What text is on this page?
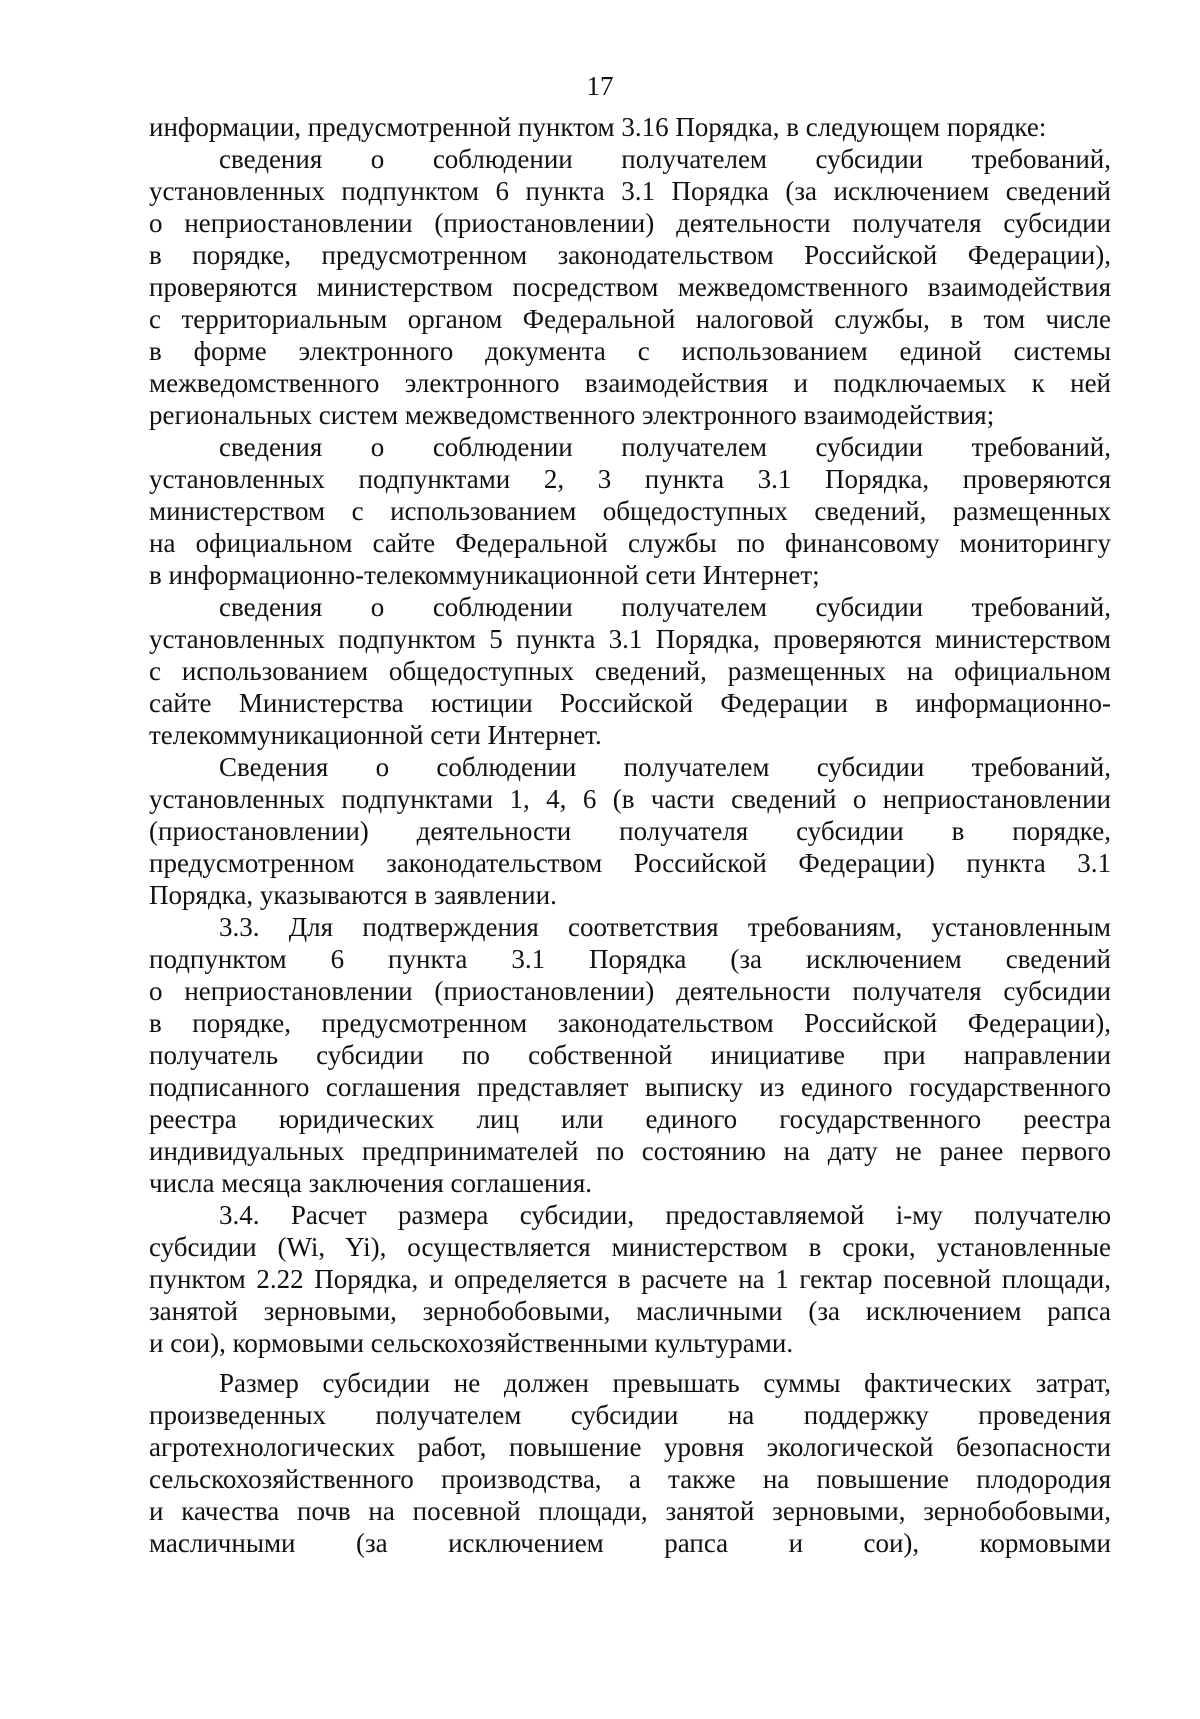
17
информации, предусмотренной пунктом 3.16 Порядка, в следующем порядке:
сведения о соблюдении получателем субсидии требований,
установленных подпунктом 6 пункта 3.1 Порядка (за исключением сведений
о неприостановлении (приостановлении) деятельности получателя субсидии
в порядке, предусмотренном законодательством Российской Федерации),
проверяются министерством посредством межведомственного взаимодействия
с территориальным органом Федеральной налоговой службы, в том числе
в форме электронного документа с использованием единой системы
межведомственного электронного взаимодействия и подключаемых к ней
региональных систем межведомственного электронного взаимодействия;
сведения о соблюдении получателем субсидии требований,
установленных подпунктами 2, 3 пункта 3.1 Порядка, проверяются
министерством с использованием общедоступных сведений, размещенных
на официальном сайте Федеральной службы по финансовому мониторингу
в информационно-телекоммуникационной сети Интернет;
сведения о соблюдении получателем субсидии требований,
установленных подпунктом 5 пункта 3.1 Порядка, проверяются министерством
с использованием общедоступных сведений, размещенных на официальном
сайте Министерства юстиции Российской Федерации в информационно-
телекоммуникационной сети Интернет.
Сведения о соблюдении получателем субсидии требований,
установленных подпунктами 1, 4, 6 (в части сведений о неприостановлении
(приостановлении) деятельности получателя субсидии в порядке,
предусмотренном законодательством Российской Федерации) пункта 3.1
Порядка, указываются в заявлении.
3.3. Для подтверждения соответствия требованиям, установленным
подпунктом 6 пункта 3.1 Порядка (за исключением сведений
о неприостановлении (приостановлении) деятельности получателя субсидии
в порядке, предусмотренном законодательством Российской Федерации),
получатель субсидии по собственной инициативе при направлении
подписанного соглашения представляет выписку из единого государственного
реестра юридических лиц или единого государственного реестра
индивидуальных предпринимателей по состоянию на дату не ранее первого
числа месяца заключения соглашения.
3.4. Расчет размера субсидии, предоставляемой i-му получателю
субсидии (Wi, Yi), осуществляется министерством в сроки, установленные
пунктом 2.22 Порядка, и определяется в расчете на 1 гектар посевной площади,
занятой зерновыми, зернобобовыми, масличными (за исключением рапса
и сои), кормовыми сельскохозяйственными культурами.
Размер субсидии не должен превышать суммы фактических затрат,
произведенных получателем субсидии на поддержку проведения
агротехнологических работ, повышение уровня экологической безопасности
сельскохозяйственного производства, а также на повышение плодородия
и качества почв на посевной площади, занятой зерновыми, зернобобовыми,
масличными (за исключением рапса и сои), кормовыми
